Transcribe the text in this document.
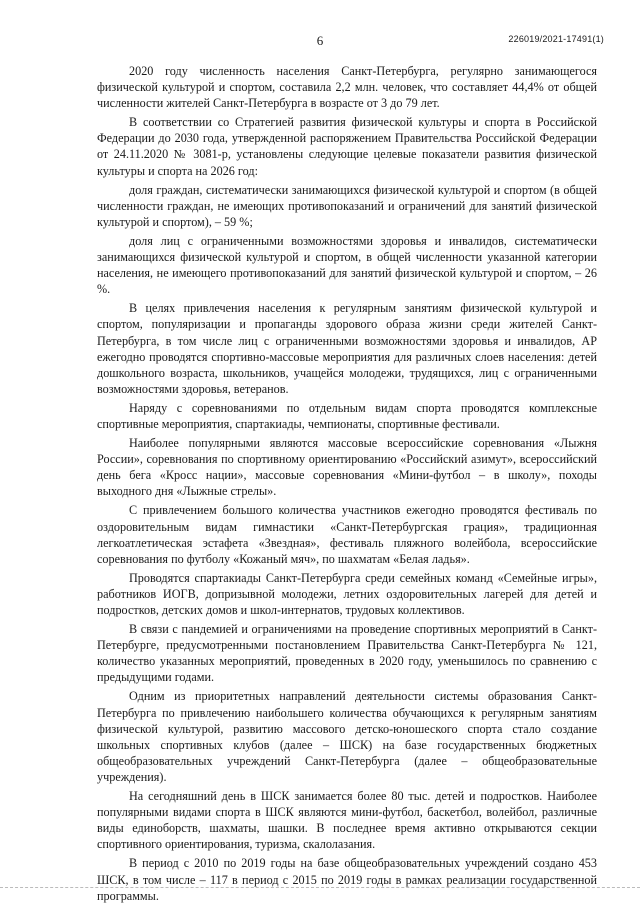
6	226019/2021-17491(1)

2020 году численность населения Санкт-Петербурга, регулярно занимающегося физической культурой и спортом, составила 2,2 млн. человек, что составляет 44,4% от общей численности жителей Санкт-Петербурга в возрасте от 3 до 79 лет.

В соответствии со Стратегией развития физической культуры и спорта в Российской Федерации до 2030 года, утвержденной распоряжением Правительства Российской Федерации от 24.11.2020 № 3081-р, установлены следующие целевые показатели развития физической культуры и спорта на 2026 год:

доля граждан, систематически занимающихся физической культурой и спортом (в общей численности граждан, не имеющих противопоказаний и ограничений для занятий физической культурой и спортом), – 59 %;

доля лиц с ограниченными возможностями здоровья и инвалидов, систематически занимающихся физической культурой и спортом, в общей численности указанной категории населения, не имеющего противопоказаний для занятий физической культурой и спортом, – 26 %.

В целях привлечения населения к регулярным занятиям физической культурой и спортом, популяризации и пропаганды здорового образа жизни среди жителей Санкт-Петербурга, в том числе лиц с ограниченными возможностями здоровья и инвалидов, АР ежегодно проводятся спортивно-массовые мероприятия для различных слоев населения: детей дошкольного возраста, школьников, учащейся молодежи, трудящихся, лиц с ограниченными возможностями здоровья, ветеранов.

Наряду с соревнованиями по отдельным видам спорта проводятся комплексные спортивные мероприятия, спартакиады, чемпионаты, спортивные фестивали.

Наиболее популярными являются массовые всероссийские соревнования «Лыжня России», соревнования по спортивному ориентированию «Российский азимут», всероссийский день бега «Кросс нации», массовые соревнования «Мини-футбол – в школу», походы выходного дня «Лыжные стрелы».

С привлечением большого количества участников ежегодно проводятся фестиваль по оздоровительным видам гимнастики «Санкт-Петербургская грация», традиционная легкоатлетическая эстафета «Звездная», фестиваль пляжного волейбола, всероссийские соревнования по футболу «Кожаный мяч», по шахматам «Белая ладья».

Проводятся спартакиады Санкт-Петербурга среди семейных команд «Семейные игры», работников ИОГВ, допризывной молодежи, летних оздоровительных лагерей для детей и подростков, детских домов и школ-интернатов, трудовых коллективов.

В связи с пандемией и ограничениями на проведение спортивных мероприятий в Санкт-Петербурге, предусмотренными постановлением Правительства Санкт-Петербурга № 121, количество указанных мероприятий, проведенных в 2020 году, уменьшилось по сравнению с предыдущими годами.

Одним из приоритетных направлений деятельности системы образования Санкт-Петербурга по привлечению наибольшего количества обучающихся к регулярным занятиям физической культурой, развитию массового детско-юношеского спорта стало создание школьных спортивных клубов (далее – ШСК) на базе государственных бюджетных общеобразовательных учреждений Санкт-Петербурга (далее – общеобразовательные учреждения).

На сегодняшний день в ШСК занимается более 80 тыс. детей и подростков. Наиболее популярными видами спорта в ШСК являются мини-футбол, баскетбол, волейбол, различные виды единоборств, шахматы, шашки. В последнее время активно открываются секции спортивного ориентирования, туризма, скалолазания.

В период с 2010 по 2019 годы на базе общеобразовательных учреждений создано 453 ШСК, в том числе – 117 в период с 2015 по 2019 годы в рамках реализации государственной программы.
